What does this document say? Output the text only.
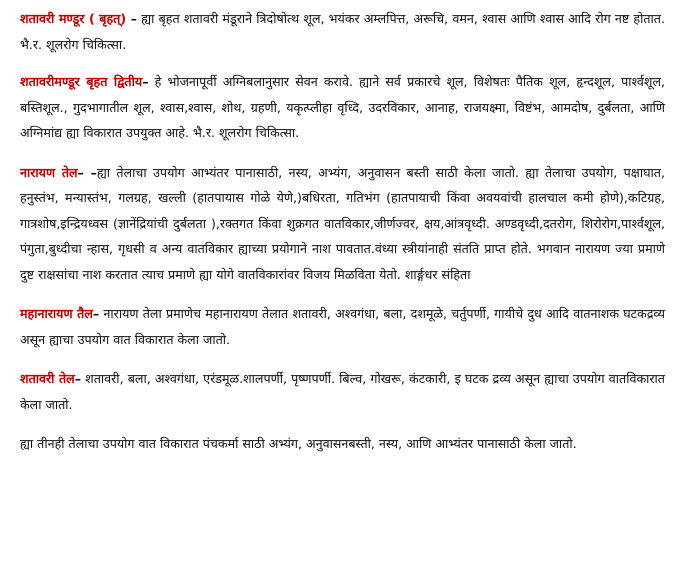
शतावरी मण्डूर ( बृहत्) – ह्या बृहत शतावरी मंडूराने त्रिदोषोत्थ शूल, भयंकर अम्लपित्त, अरूचि, वमन, श्वास आणि श्वास आदि रोग नष्ट होतात. भै.र. शूलरोग चिकित्सा.

शतावरीमण्डूर बृहत द्वितीय– हे भोजनापूर्वी अग्निबलानुसार सेवन करावे. ह्याने सर्व प्रकारचे शूल, विशेषतः पैतिक शूल, हृन्दशूल, पार्श्वशूल, बस्तिशूल., गुदभागातील शूल, श्वास,श्वास, शोथ, ग्रहणी, यकृत्प्लीहा वृध्दि, उदरविकार, आनाह, राजयक्ष्मा, विष्टंभ, आमदोष, दुर्बलता, आणि अग्निमांद्य ह्या विकारात उपयुक्त आहे. भै.र. शूलरोग चिकित्सा.

नारायण तेल– –ह्या तेलाचा उपयोग आभ्यंतर पानासाठी, नस्य, अभ्यंग, अनुवासन बस्ती साठी केला जातो. ह्या तेलाचा उपयोग, पक्षाघात, हनुस्तंभ, मन्यास्तंभ, गलग्रह, खल्ली (हातपायास गोळे येणे,)बधिरता, गतिभंग (हातपायाची किंवा अवयवांची हालचाल कमी होणे),कटिग्रह, गात्रशोष,इन्द्रियध्वस (ज्ञानेंद्रियांची दुर्बलता ),रक्तगत किंवा शुक्रगत वातविकार,जीर्णज्वर, क्षय,आंत्रवृध्दी. अण्डवृध्दी,दतरोग, शिरोरोग,पार्श्वशूल, पंगुता,बुध्दीचा न्हास, गृधसी व अन्य वातविकार ह्याच्या प्रयोगाने नाश पावतात.वंध्या स्त्रीयांनाही संतति प्राप्त होते. भगवान नारायण ज्या प्रमाणे दुष्ट राक्षसांचा नाश करतात त्याच प्रमाणे ह्या योगे वातविकारांवर विजय मिळविता येतो. शार्ङ्गधर संहिता

महानारायण तैल– नारायण तेला प्रमाणेच महानारायण तेलात शतावरी, अश्वगंधा, बला, दशमूळे, चर्तुपर्णी, गायीचे दुध आदि वातनाशक घटकद्रव्य असून ह्याचा उपयोग वात विकारात केला जातो.

शतावरी तेल– शतावरी, बला, अश्वगंधा, एरंडमूळ.शालपर्णी, पृष्णपर्णी. बिल्व, गोखरू, कंटकारी, इ घटक द्रव्य असून ह्याचा उपयोग वातविकारात केला जातो.

ह्या तीनही तेलाचा उपयोग वात विकारात पंचकर्मा साठी अभ्यंग, अनुवासनबस्ती, नस्य, आणि आभ्यंतर पानासाठी केला जातो.
